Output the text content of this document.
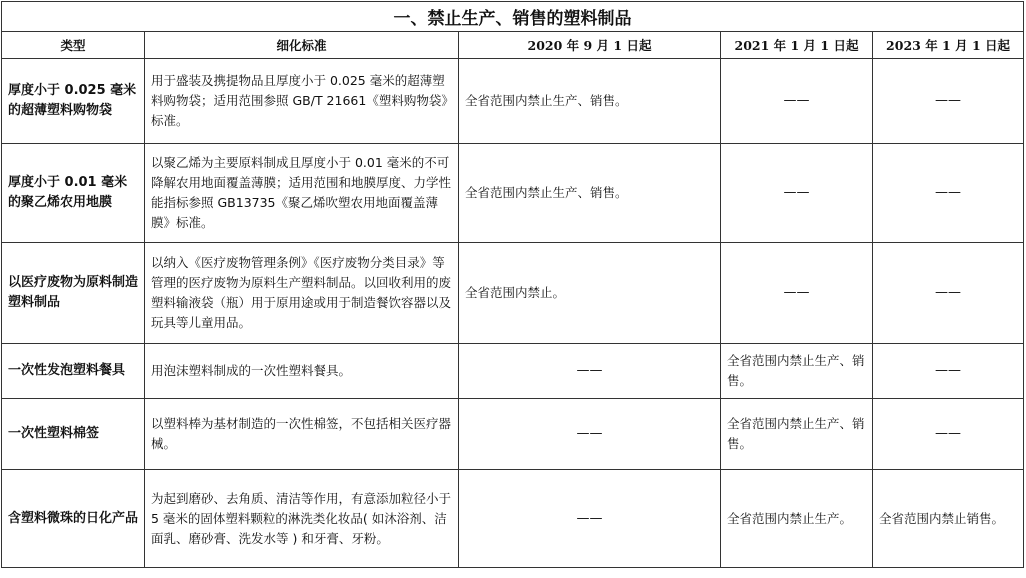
一、禁止生产、销售的塑料制品				
类型	细化标准	2020 年 9 月 1 日起	2021 年 1 月 1 日起	2023 年 1 月 1 日起
厚度小于 0.025 毫米的超薄塑料购物袋	用于盛装及携提物品且厚度小于 0.025 毫米的超薄塑料购物袋；适用范围参照 GB/T 21661《塑料购物袋》标准。	全省范围内禁止生产、销售。	——	——
厚度小于 0.01 毫米的聚乙烯农用地膜	以聚乙烯为主要原料制成且厚度小于 0.01 毫米的不可降解农用地面覆盖薄膜；适用范围和地膜厚度、力学性能指标参照 GB13735《聚乙烯吹塑农用地面覆盖薄膜》标准。	全省范围内禁止生产、销售。	——	——
以医疗废物为原料制造塑料制品	以纳入《医疗废物管理条例》《医疗废物分类目录》等管理的医疗废物为原料生产塑料制品。以回收利用的废塑料输液袋（瓶）用于原用途或用于制造餐饮容器以及玩具等儿童用品。	全省范围内禁止。	——	——
一次性发泡塑料餐具	用泡沫塑料制成的一次性塑料餐具。	——	全省范围内禁止生产、销售。	——
一次性塑料棉签	以塑料棒为基材制造的一次性棉签，不包括相关医疗器械。	——	全省范围内禁止生产、销售。	——
含塑料微珠的日化产品	为起到磨砂、去角质、清洁等作用，有意添加粒径小于 5 毫米的固体塑料颗粒的淋洗类化妆品( 如沐浴剂、洁面乳、磨砂膏、洗发水等 ) 和牙膏、牙粉。	——	全省范围内禁止生产。	全省范围内禁止销售。
